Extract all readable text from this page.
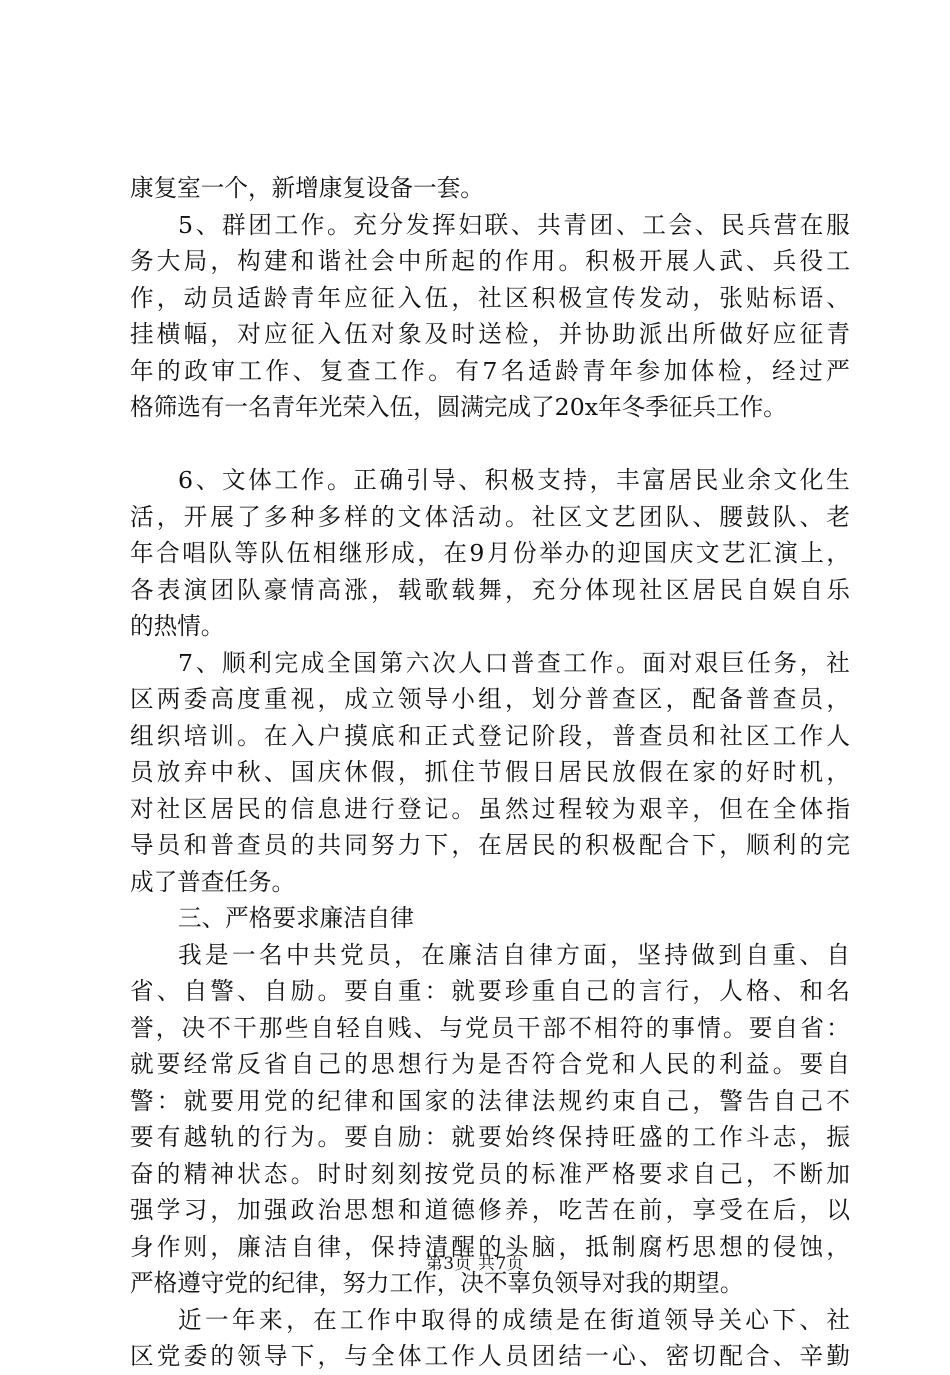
康复室一个，新增康复设备一套。
5 、 群 团 工 作 。 充 分 发 挥 妇 联 、 共 青 团 、 工 会 、 民 兵 营 在 服
务 大 局 ， 构 建 和 谐 社 会 中 所 起 的 作 用 。 积 极 开 展 人 武 、 兵 役 工
作 ， 动 员 适 龄 青 年 应 征 入 伍 ， 社 区 积 极 宣 传 发 动 ， 张 贴 标 语 、
挂 横 幅 ， 对 应 征 入 伍 对 象 及 时 送 检 ， 并 协 助 派 出 所 做 好 应 征 青
年 的 政 审 工 作 、 复 查 工 作 。 有 7 名 适 龄 青 年 参 加 体 检 ， 经 过 严
格筛选有一名青年光荣入伍，圆满完成了20x年冬季征兵工作。
6 、 文 体 工 作 。 正 确 引 导 、 积 极 支 持 ， 丰 富 居 民 业 余 文 化 生
活 ， 开 展 了 多 种 多 样 的 文 体 活 动 。 社 区 文 艺 团 队 、 腰 鼓 队 、 老
年 合 唱 队 等 队 伍 相 继 形 成 ， 在 9 月 份 举 办 的 迎 国 庆 文 艺 汇 演 上 ，
各 表 演 团 队 豪 情 高 涨 ， 载 歌 载 舞 ， 充 分 体 现 社 区 居 民 自 娱 自 乐
的热情。
7 、 顺 利 完 成 全 国 第 六 次 人 口 普 查 工 作 。 面 对 艰 巨 任 务 ， 社
区 两 委 高 度 重 视 ， 成 立 领 导 小 组 ， 划 分 普 查 区 ， 配 备 普 查 员 ，
组 织 培 训 。 在 入 户 摸 底 和 正 式 登 记 阶 段 ， 普 查 员 和 社 区 工 作 人
员 放 弃 中 秋 、 国 庆 休 假 ， 抓 住 节 假 日 居 民 放 假 在 家 的 好 时 机 ，
对 社 区 居 民 的 信 息 进 行 登 记 。 虽 然 过 程 较 为 艰 辛 ， 但 在 全 体 指
导 员 和 普 查 员 的 共 同 努 力 下 ， 在 居 民 的 积 极 配 合 下 ， 顺 利 的 完
成了普查任务。
三、严格要求廉洁自律
我 是 一 名 中 共 党 员 ， 在 廉 洁 自 律 方 面 ， 坚 持 做 到 自 重 、 自
省 、 自 警 、 自 励 。 要 自 重 ： 就 要 珍 重 自 己 的 言 行 ， 人 格 、 和 名
誉 ， 决 不 干 那 些 自 轻 自 贱 、 与 党 员 干 部 不 相 符 的 事 情 。 要 自 省 ：
就 要 经 常 反 省 自 己 的 思 想 行 为 是 否 符 合 党 和 人 民 的 利 益 。 要 自
警 ： 就 要 用 党 的 纪 律 和 国 家 的 法 律 法 规 约 束 自 己 ， 警 告 自 己 不
要 有 越 轨 的 行 为 。 要 自 励 ： 就 要 始 终 保 持 旺 盛 的 工 作 斗 志 ， 振
奋 的 精 神 状 态 。 时 时 刻 刻 按 党 员 的 标 准 严 格 要 求 自 己 ， 不 断 加
强 学 习 ， 加 强 政 治 思 想 和 道 德 修 养 ， 吃 苦 在 前 ， 享 受 在 后 ， 以
身 作 则 ， 廉 洁 自 律 ， 保 持 清 醒 的 头 脑 ， 抵 制 腐 朽 思 想 的 侵 蚀 ，
严格遵守党的纪律，努力工作，决不辜负领导对我的期望。
近 一 年 来 ， 在 工 作 中 取 得 的 成 绩 是 在 街 道 领 导 关 心 下 、 社
区 党 委 的 领 导 下 ， 与 全 体 工 作 人 员 团 结 一 心 、 密 切 配 合 、 辛 勤
第3页 共7页
